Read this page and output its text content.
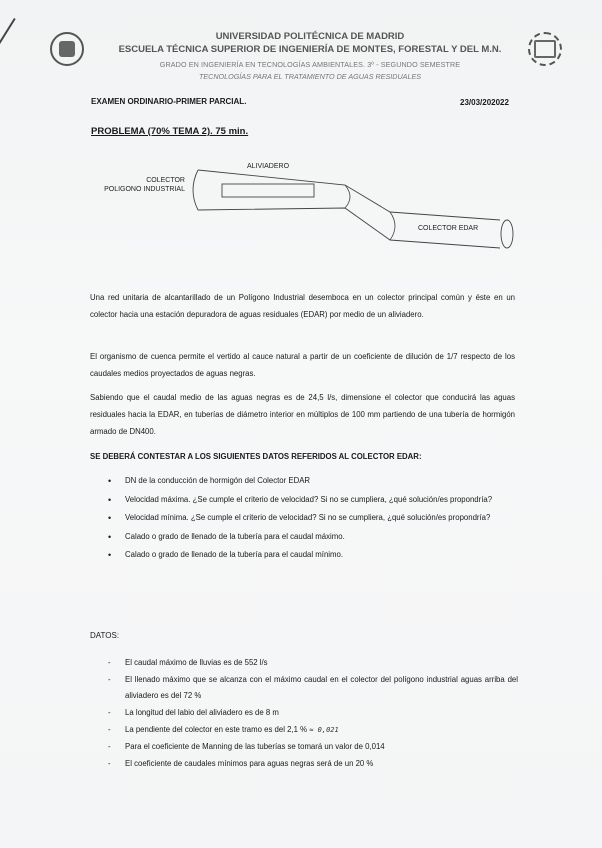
UNIVERSIDAD POLITÉCNICA DE MADRID
ESCUELA TÉCNICA SUPERIOR DE INGENIERÍA DE MONTES, FORESTAL Y DEL M.N.
GRADO EN INGENIERÍA EN TECNOLOGÍAS AMBIENTALES. 3º - SEGUNDO SEMESTRE
TECNOLOGÍAS PARA EL TRATAMIENTO DE AGUAS RESIDUALES
EXAMEN ORDINARIO-PRIMER PARCIAL.	23/03/202022
PROBLEMA (70% TEMA 2). 75 min.
ALIVIADERO
COLECTOR
POLIGONO INDUSTRIAL
COLECTOR EDAR
Una red unitaria de alcantarillado de un Polígono Industrial desemboca en un colector principal común y éste en un colector hacia una estación depuradora de aguas residuales (EDAR) por medio de un aliviadero.
El organismo de cuenca permite el vertido al cauce natural a partir de un coeficiente de dilución de 1/7 respecto de los caudales medios proyectados de aguas negras.
Sabiendo que el caudal medio de las aguas negras es de 24,5 l/s, dimensione el colector que conducirá las aguas residuales hacia la EDAR, en tuberías de diámetro interior en múltiplos de 100 mm partiendo de una tubería de hormigón armado de DN400.
SE DEBERÁ CONTESTAR A LOS SIGUIENTES DATOS REFERIDOS AL COLECTOR EDAR:
• DN de la conducción de hormigón del Colector EDAR
• Velocidad máxima. ¿Se cumple el criterio de velocidad? Si no se cumpliera, ¿qué solución/es propondría?
• Velocidad mínima. ¿Se cumple el criterio de velocidad? Si no se cumpliera, ¿qué solución/es propondría?
• Calado o grado de llenado de la tubería para el caudal máximo.
• Calado o grado de llenado de la tubería para el caudal mínimo.
DATOS:
- El caudal máximo de lluvias es de 552 l/s
- El llenado máximo que se alcanza con el máximo caudal en el colector del polígono industrial aguas arriba del aliviadero es del 72 %
- La longitud del labio del aliviadero es de 8 m
- La pendiente del colector en este tramo es del 2,1 % ≈ 0,021
- Para el coeficiente de Manning de las tuberías se tomará un valor de 0,014
- El coeficiente de caudales mínimos para aguas negras será de un 20 %
